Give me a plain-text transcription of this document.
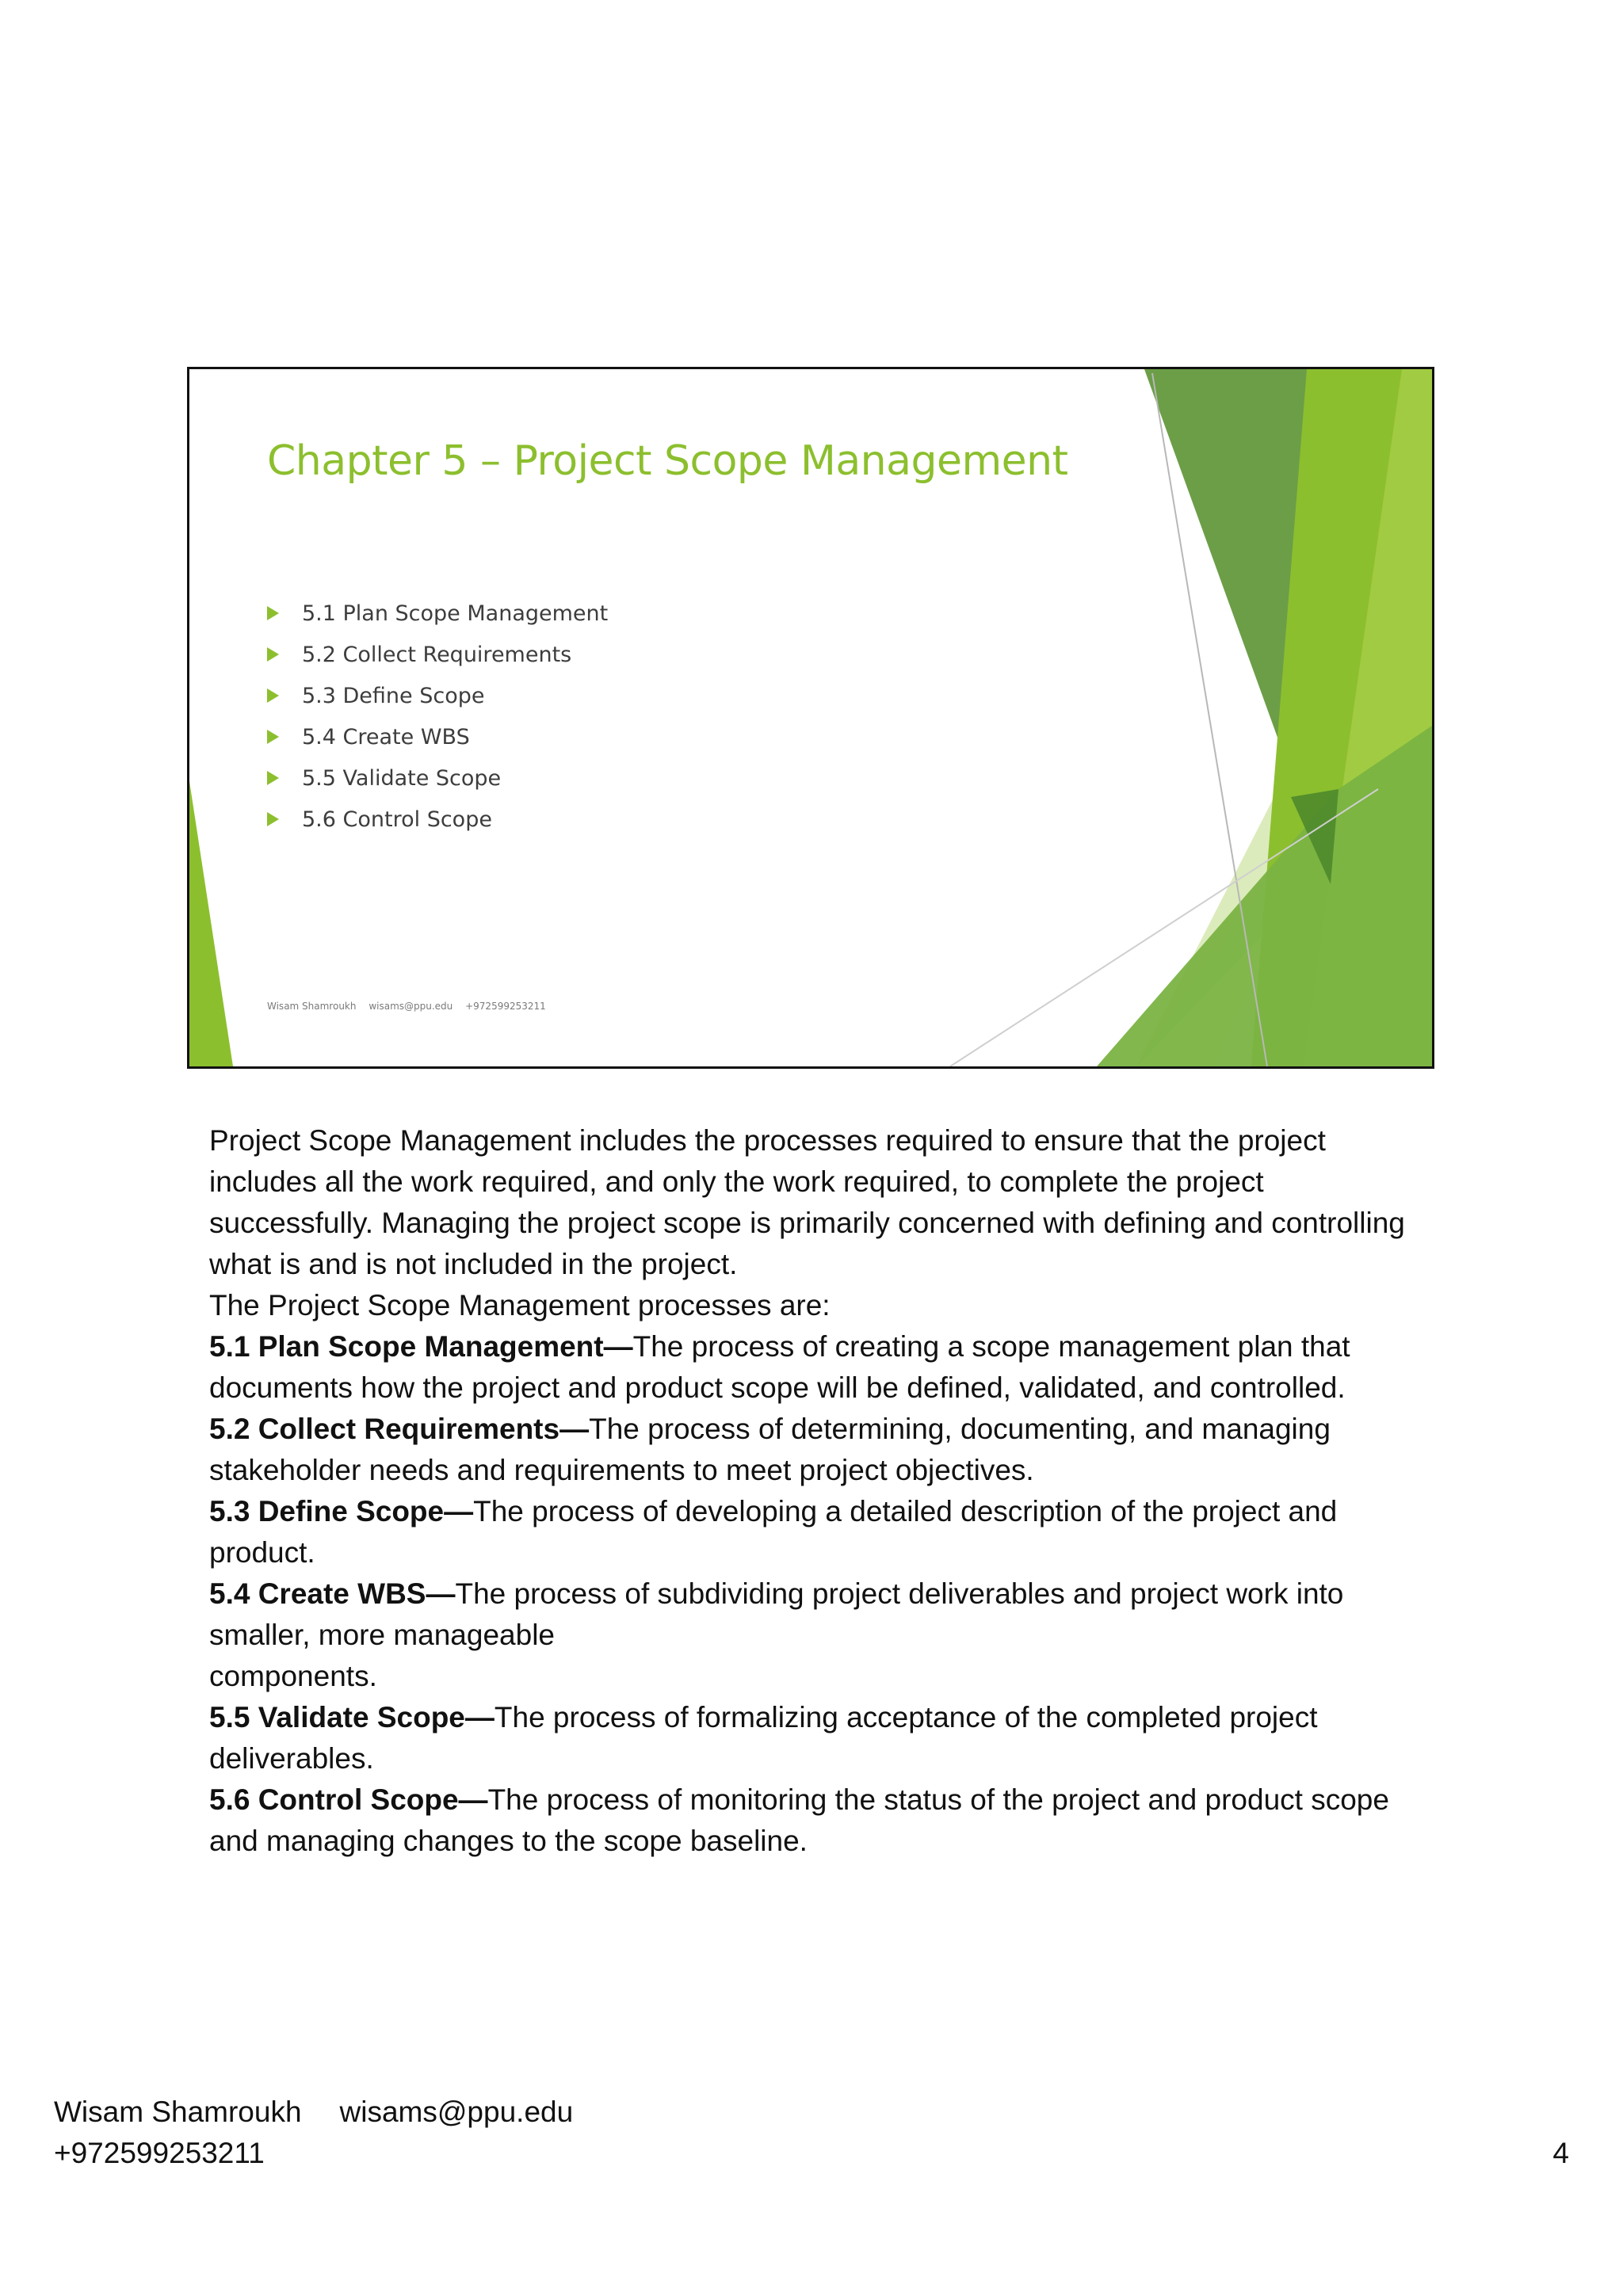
Chapter 5 – Project Scope Management
5.1 Plan Scope Management
5.2 Collect Requirements
5.3 Define Scope
5.4 Create WBS
5.5 Validate Scope
5.6 Control Scope
Wisam Shamroukh wisams@ppu.edu +972599253211

Project Scope Management includes the processes required to ensure that the project includes all the work required, and only the work required, to complete the project successfully. Managing the project scope is primarily concerned with defining and controlling what is and is not included in the project.

The Project Scope Management processes are:

5.1 Plan Scope Management—The process of creating a scope management plan that documents how the project and product scope will be defined, validated, and controlled.

5.2 Collect Requirements—The process of determining, documenting, and managing stakeholder needs and requirements to meet project objectives.

5.3 Define Scope—The process of developing a detailed description of the project and product.

5.4 Create WBS—The process of subdividing project deliverables and project work into smaller, more manageable

components.

5.5 Validate Scope—The process of formalizing acceptance of the completed project deliverables.

5.6 Control Scope—The process of monitoring the status of the project and product scope and managing changes to the scope baseline.

Wisam Shamroukh wisams@ppu.edu
+972599253211	4
